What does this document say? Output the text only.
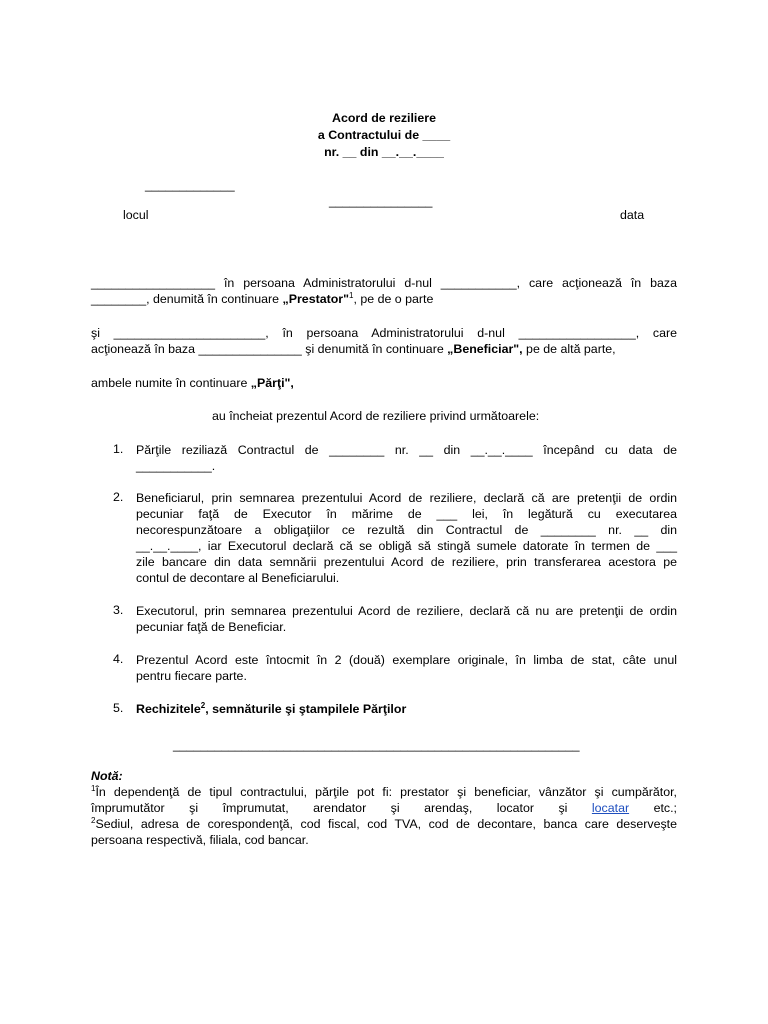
Acord de reziliere
a Contractului de ____
nr. __ din __.__.____
_____________
_______________
locul	data
__________________ în persoana Administratorului d-nul ___________, care acţionează în baza
________, denumită în continuare „Prestator"$^1$, pe de o parte
şi ______________________, în persoana Administratorului d-nul _________________, care
acţionează în baza _______________ şi denumită în continuare „Beneficiar", pe de altă parte,
ambele numite în continuare „Părţi",
au încheiat prezentul Acord de reziliere privind următoarele:
1.	Părţile reziliază Contractul de ________ nr. __ din __.__.____ începând cu data de
___________.
2.	Beneficiarul, prin semnarea prezentului Acord de reziliere, declară că are pretenţii de ordin
pecuniar faţă de Executor în mărime de ___ lei, în legătură cu executarea
necorespunzătoare a obligaţiilor ce rezultă din Contractul de ________ nr. __ din
__.__.____, iar Executorul declară că se obligă să stingă sumele datorate în termen de ___
zile bancare din data semnării prezentului Acord de reziliere, prin transferarea acestora pe
contul de decontare al Beneficiarului.
3.	Executorul, prin semnarea prezentului Acord de reziliere, declară că nu are pretenţii de ordin
pecuniar faţă de Beneficiar.
4.	Prezentul Acord este întocmit în 2 (două) exemplare originale, în limba de stat, câte unul
pentru fiecare parte.
5.	Rechizitele$^2$, semnăturile şi ştampilele Părţilor
___________________________________________________________
Notă:
$^1$În dependenţă de tipul contractului, părţile pot fi: prestator şi beneficiar, vânzător şi cumpărător,
împrumutător şi împrumutat, arendator şi arendaş, locator şi locatar etc.;
$^2$Sediul, adresa de corespondenţă, cod fiscal, cod TVA, cod de decontare, banca care deserveşte
persoana respectivă, filiala, cod bancar.
